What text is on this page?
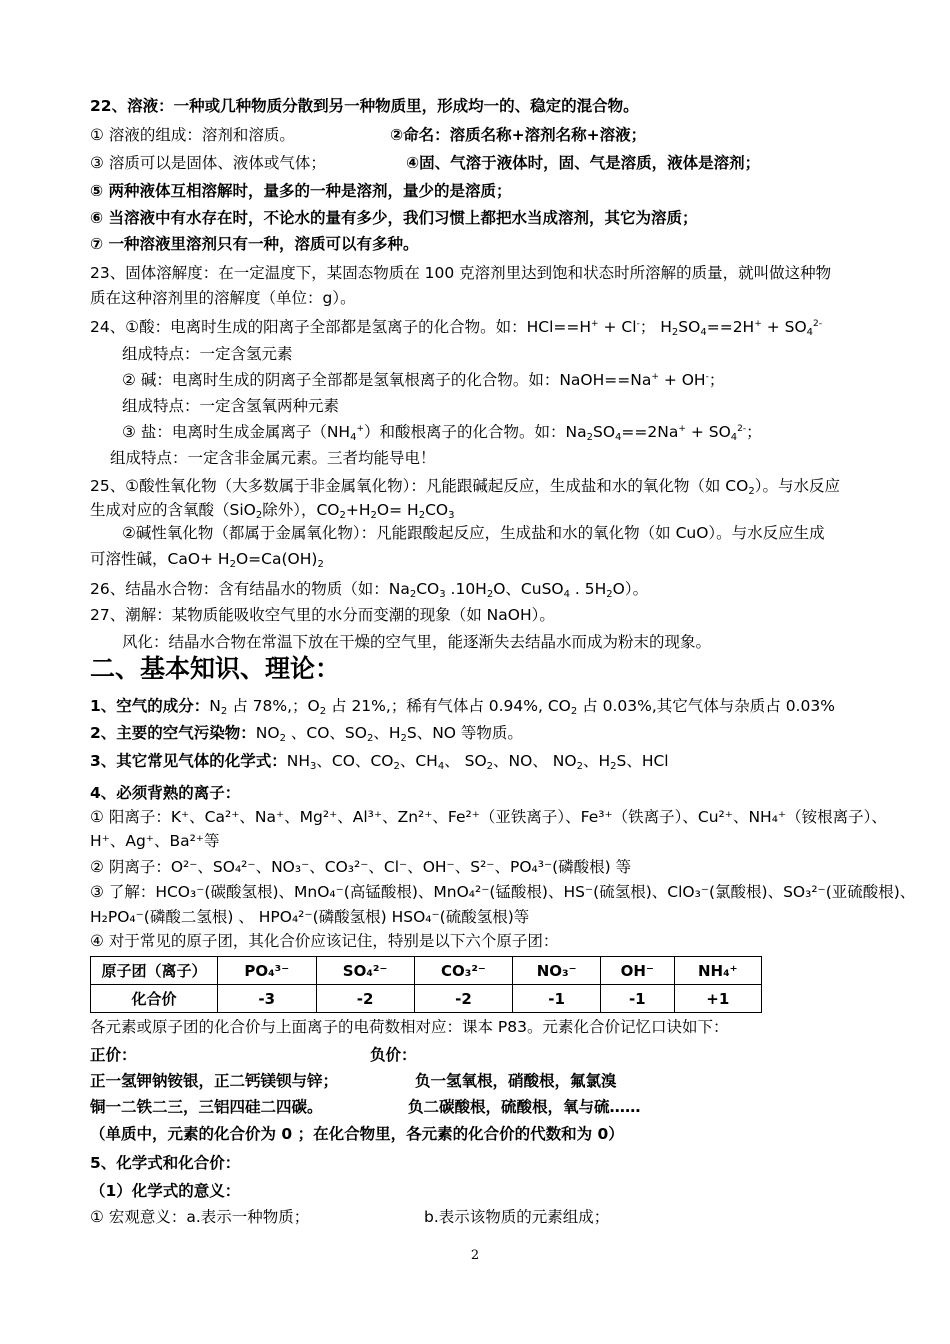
22、溶液：一种或几种物质分散到另一种物质里，形成均一的、稳定的混合物。
① 溶液的组成：溶剂和溶质。	②命名：溶质名称+溶剂名称+溶液；
③ 溶质可以是固体、液体或气体；	④固、气溶于液体时，固、气是溶质，液体是溶剂；
⑤ 两种液体互相溶解时，量多的一种是溶剂，量少的是溶质；
⑥ 当溶液中有水存在时，不论水的量有多少，我们习惯上都把水当成溶剂，其它为溶质；
⑦ 一种溶液里溶剂只有一种，溶质可以有多种。
23、固体溶解度：在一定温度下，某固态物质在 100 克溶剂里达到饱和状态时所溶解的质量，就叫做这种物
质在这种溶剂里的溶解度（单位：g）。
24、①酸：电离时生成的阳离子全部都是氢离子的化合物。如：HCl==H+ + Cl-； $H_2SO_4==2H^+ + SO_4^{2-}$
组成特点：一定含氢元素
② 碱：电离时生成的阴离子全部都是氢氧根离子的化合物。如：NaOH==Na+ + OH-；
组成特点：一定含氢氧两种元素
③ 盐：电离时生成金属离子$(NH_4^+)$和酸根离子的化合物。如：$Na_2SO_4==2Na^+ + SO_4^{2-}$；
组成特点：一定含非金属元素。三者均能导电！
25、①酸性氧化物（大多数属于非金属氧化物）：凡能跟碱起反应，生成盐和水的氧化物（如 $CO_2$）。与水反应
生成对应的含氧酸（SiO$_2$除外），$CO_2+H_2O= H_2CO_3$
②碱性氧化物（都属于金属氧化物）：凡能跟酸起反应，生成盐和水的氧化物（如 CuO）。与水反应生成
可溶性碱，$CaO+ H_2O=Ca(OH)_2$
26、结晶水合物：含有结晶水的物质（如：$Na_2CO_3$ $.10H_2O$、CuSO$_4$ . $5H_2O$）。
27、潮解：某物质能吸收空气里的水分而变潮的现象（如 NaOH）。
风化：结晶水合物在常温下放在干燥的空气里，能逐渐失去结晶水而成为粉末的现象。
二、基本知识、理论：
1、空气的成分：$N_2$ 占 78%,；$O_2$ 占 21%,；稀有气体占 0.94%, $CO_2$ 占 0.03%,其它气体与杂质占 0.03%
2、主要的空气污染物：$NO_2$ 、CO、$SO_2$、$H_2S$、NO 等物质。
3、其它常见气体的化学式：$NH_3$、CO、$CO_2$、$CH_4$、 $SO_2$、NO、 $NO_2$、$H_2S$、HCl
4、必须背熟的离子：
① 阳离子：K⁺、Ca²⁺、Na⁺、Mg²⁺、Al³⁺、Zn²⁺、Fe²⁺（亚铁离子）、Fe³⁺（铁离子）、Cu²⁺、NH₄⁺（铵根离子）、
H⁺、Ag⁺、Ba²⁺等
② 阴离子：O²⁻、SO₄²⁻、NO₃⁻、CO₃²⁻、Cl⁻、OH⁻、S²⁻、PO₄³⁻(磷酸根) 等
③ 了解：HCO₃⁻(碳酸氢根)、MnO₄⁻(高锰酸根)、MnO₄²⁻(锰酸根)、HS⁻(硫氢根)、ClO₃⁻(氯酸根)、SO₃²⁻(亚硫酸根)、
H₂PO₄⁻(磷酸二氢根) 、 HPO₄²⁻(磷酸氢根) HSO₄⁻(硫酸氢根)等
④ 对于常见的原子团，其化合价应该记住，特别是以下六个原子团：
原子团（离子）	PO₄³⁻	SO₄²⁻	CO₃²⁻	NO₃⁻	OH⁻	NH₄⁺
化合价	-3	-2	-2	-1	-1	+1
各元素或原子团的化合价与上面离子的电荷数相对应：课本 P83。元素化合价记忆口诀如下：
正价：	负价：
正一氢钾钠铵银，正二钙镁钡与锌；	负一氢氧根，硝酸根，氟氯溴
铜一二铁二三，三铝四硅二四碳。	负二碳酸根，硫酸根，氧与硫……
（单质中，元素的化合价为 0 ；在化合物里，各元素的化合价的代数和为 0）
5、化学式和化合价：
（1）化学式的意义：
① 宏观意义：a.表示一种物质；	b.表示该物质的元素组成；
2
